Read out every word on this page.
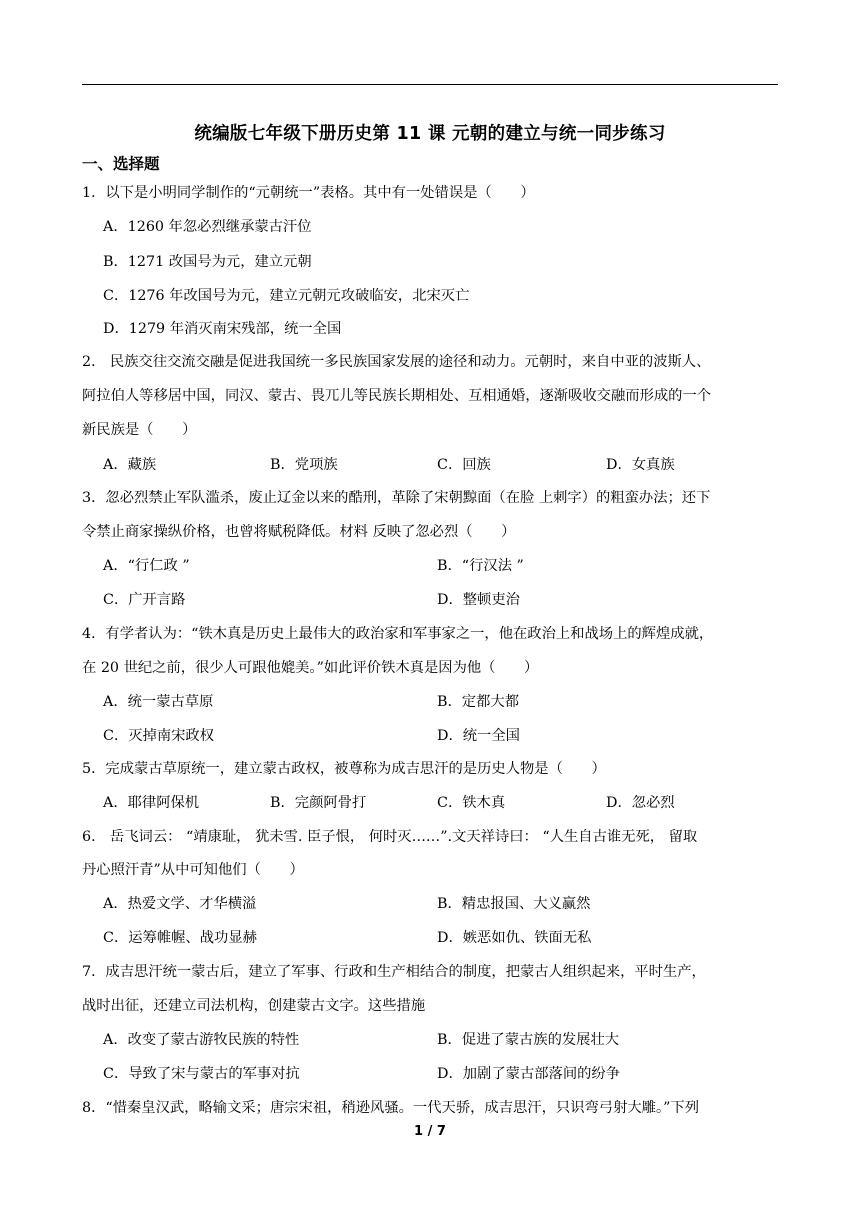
统编版七年级下册历史第 11 课 元朝的建立与统一同步练习
一、选择题
1．以下是小明同学制作的“元朝统一”表格。其中有一处错误是（　　）
A．1260 年忽必烈继承蒙古汗位
B．1271 改国号为元，建立元朝
C．1276 年改国号为元，建立元朝元攻破临安，北宋灭亡
D．1279 年消灭南宋残部，统一全国
2． 民族交往交流交融是促进我国统一多民族国家发展的途径和动力。元朝时，来自中亚的波斯人、
阿拉伯人等移居中国，同汉、蒙古、畏兀儿等民族长期相处、互相通婚，逐渐吸收交融而形成的一个
新民族是（　　）
A．藏族	B．党项族	C．回族	D．女真族
3．忽必烈禁止军队滥杀，废止辽金以来的酷刑，革除了宋朝黥面（在脸 上刺字）的粗蛮办法；还下
令禁止商家操纵价格，也曾将赋税降低。材料 反映了忽必烈（　　）
A．“行仁政 ”	B．“行汉法 ”
C．广开言路	D．整顿吏治
4．有学者认为：“铁木真是历史上最伟大的政治家和军事家之一，他在政治上和战场上的辉煌成就，
在 20 世纪之前，很少人可跟他媲美。”如此评价铁木真是因为他（　　）
A．统一蒙古草原	B．定都大都
C．灭掉南宋政权	D．统一全国
5．完成蒙古草原统一，建立蒙古政权，被尊称为成吉思汗的是历史人物是（　　）
A．耶律阿保机	B．完颜阿骨打	C．铁木真	D．忽必烈
6． 岳飞词云： “靖康耻， 犹未雪. 臣子恨， 何时灭……”.文天祥诗曰： “人生自古谁无死， 留取
丹心照汗青”从中可知他们（　　）
A．热爱文学、才华横溢	B．精忠报国、大义赢然
C．运筹帷幄、战功显赫	D．嫉恶如仇、铁面无私
7．成吉思汗统一蒙古后，建立了军事、行政和生产相结合的制度，把蒙古人组织起来，平时生产，
战时出征，还建立司法机构，创建蒙古文字。这些措施
A．改变了蒙古游牧民族的特性	B．促进了蒙古族的发展壮大
C．导致了宋与蒙古的军事对抗	D．加剧了蒙古部落间的纷争
8．“惜秦皇汉武，略输文采；唐宗宋祖，稍逊风骚。一代天骄，成吉思汗，只识弯弓射大雕。”下列
1 / 7
